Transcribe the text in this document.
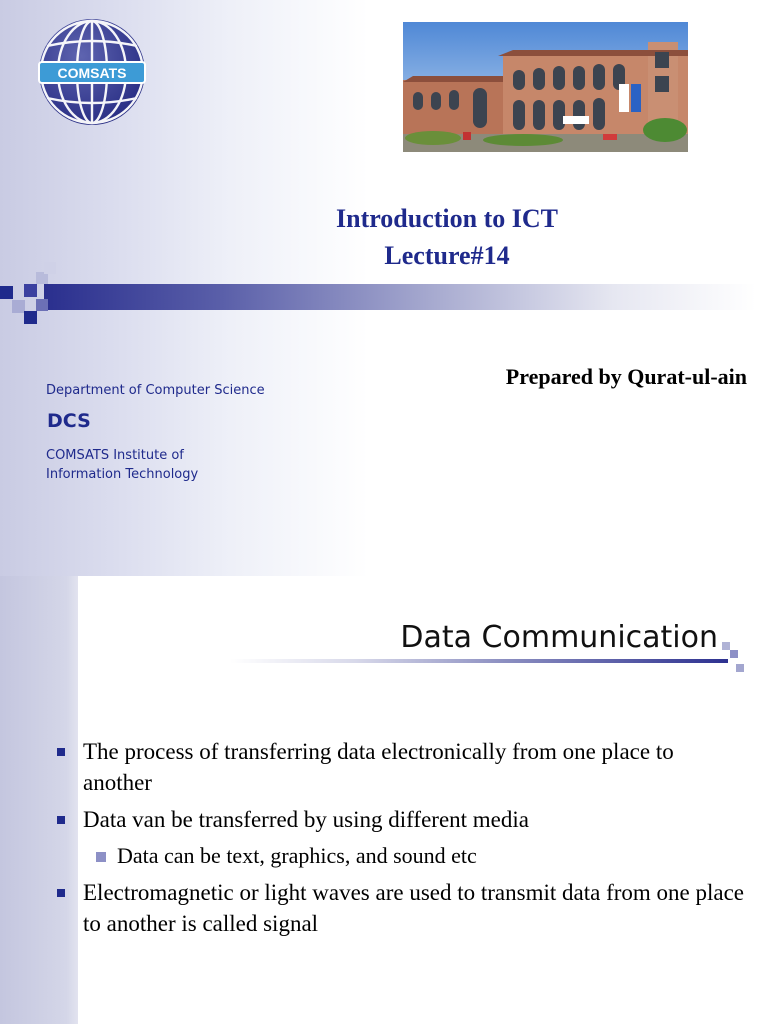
COMSATS
Introduction to ICT
Lecture#14
Prepared by Qurat-ul-ain
Department of Computer Science
DCS
COMSATS Institute of Information Technology
Data Communication
The process of transferring data electronically from one place to another
Data van be transferred by using different media
Data can be text, graphics, and sound etc
Electromagnetic or light waves are used to transmit data from one place to another is called signal
